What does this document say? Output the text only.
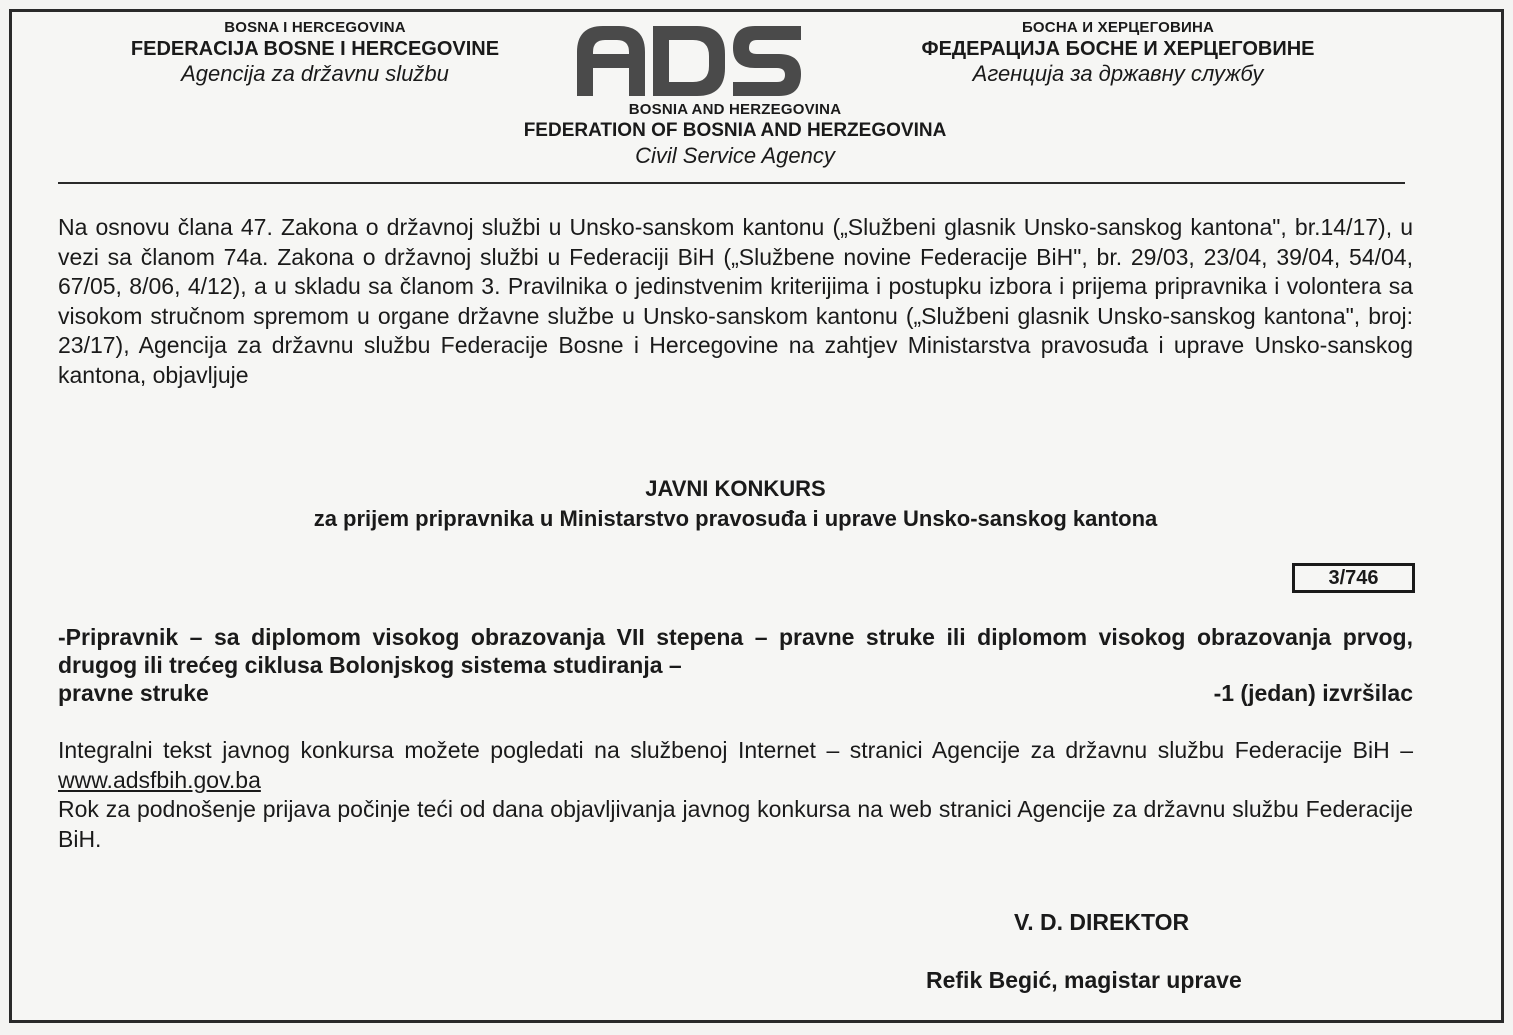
BOSNA I HERCEGOVINA
FEDERACIJA BOSNE I HERCEGOVINE
Agencija za državnu službu
БОСНА И ХЕРЦЕГОВИНА
ФЕДЕРАЦИЈА БОСНЕ И ХЕРЦЕГОВИНЕ
Агенција за државну службу
BOSNIA AND HERZEGOVINA
FEDERATION OF BOSNIA AND HERZEGOVINA
Civil Service Agency
Na osnovu člana 47. Zakona o državnoj službi u Unsko-sanskom kantonu („Službeni glasnik Unsko-sanskog kantona", br.14/17), u vezi sa članom 74a. Zakona o državnoj službi u Federaciji BiH („Službene novine Federacije BiH", br. 29/03, 23/04, 39/04, 54/04, 67/05, 8/06, 4/12), a u skladu sa članom 3. Pravilnika o jedinstvenim kriterijima i postupku izbora i prijema pripravnika i volontera sa visokom stručnom spremom u organe državne službe u Unsko-sanskom kantonu („Službeni glasnik Unsko-sanskog kantona", broj: 23/17), Agencija za državnu službu Federacije Bosne i Hercegovine na zahtjev Ministarstva pravosuđa i uprave Unsko-sanskog kantona, objavljuje
JAVNI KONKURS
za prijem pripravnika u Ministarstvo pravosuđa i uprave Unsko-sanskog kantona
3/746
-Pripravnik – sa diplomom visokog obrazovanja VII stepena – pravne struke ili diplomom visokog obrazovanja prvog, drugog ili trećeg ciklusa Bolonjskog sistema studiranja –
pravne struke	-1 (jedan) izvršilac
Integralni tekst javnog konkursa možete pogledati na službenoj Internet – stranici Agencije za državnu službu Federacije BiH – www.adsfbih.gov.ba
Rok za podnošenje prijava počinje teći od dana objavljivanja javnog konkursa na web stranici Agencije za državnu službu Federacije BiH.
V. D. DIREKTOR
Refik Begić, magistar uprave
